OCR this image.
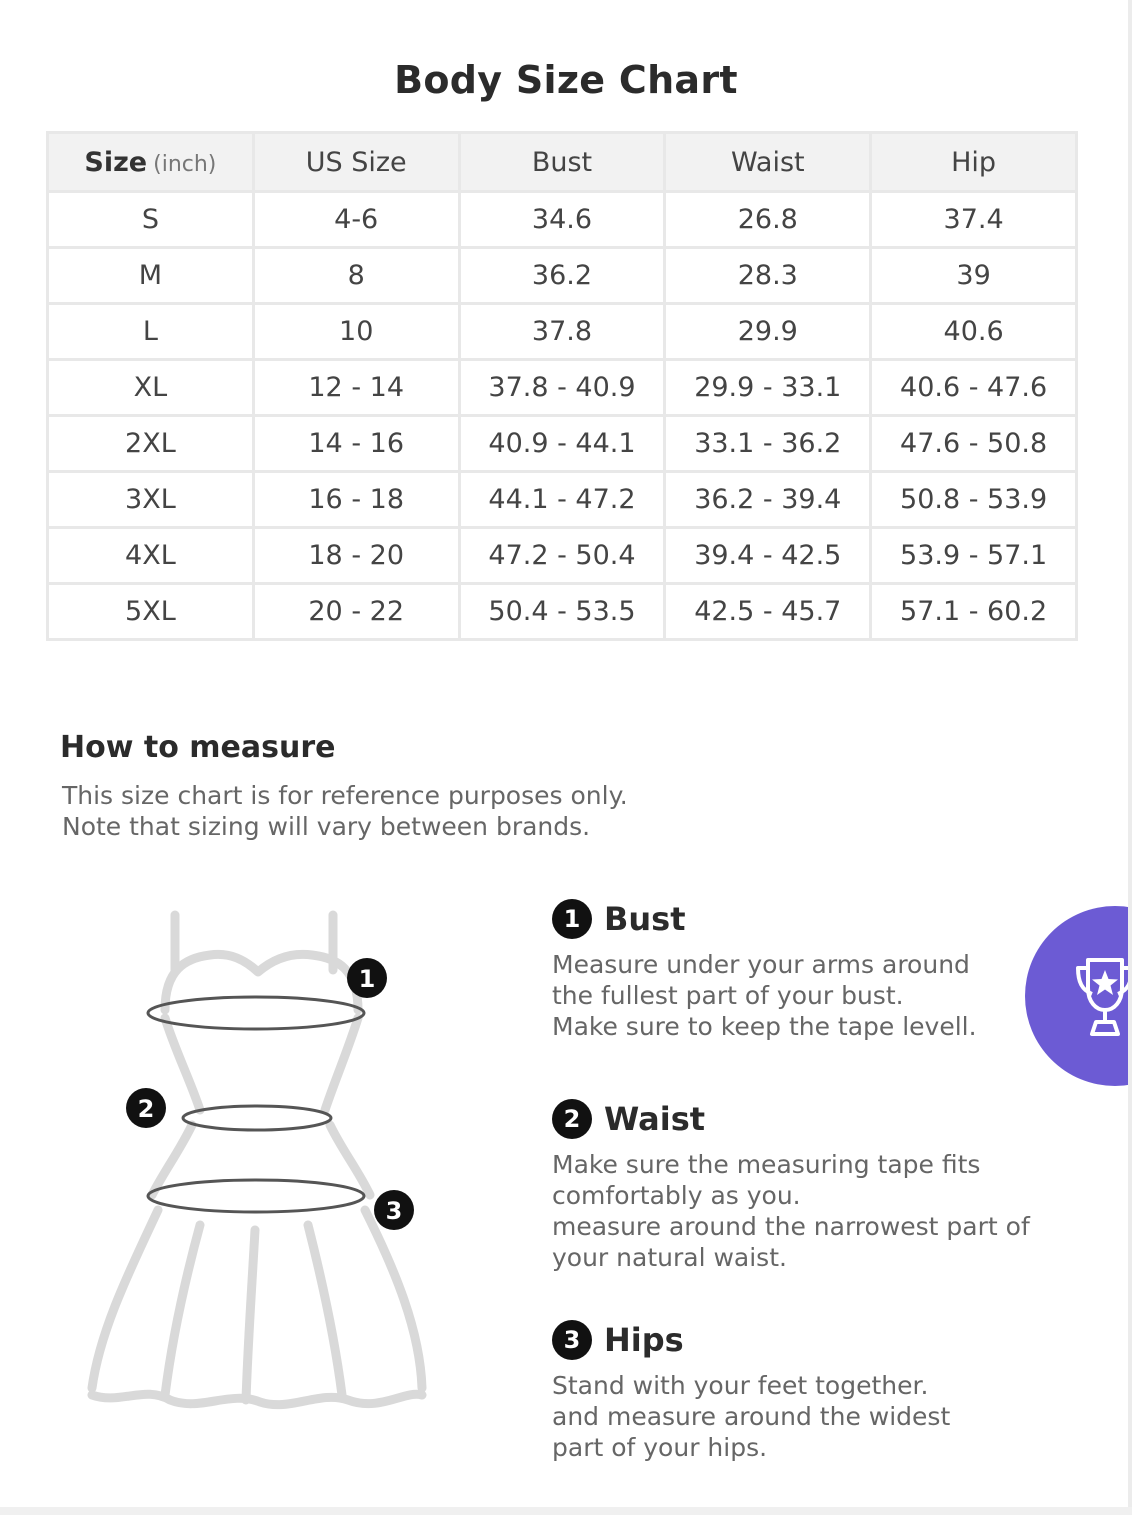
Body Size Chart
Size (inch)	US Size	Bust	Waist	Hip
S	4-6	34.6	26.8	37.4
M	8	36.2	28.3	39
L	10	37.8	29.9	40.6
XL	12 - 14	37.8 - 40.9	29.9 - 33.1	40.6 - 47.6
2XL	14 - 16	40.9 - 44.1	33.1 - 36.2	47.6 - 50.8
3XL	16 - 18	44.1 - 47.2	36.2 - 39.4	50.8 - 53.9
4XL	18 - 20	47.2 - 50.4	39.4 - 42.5	53.9 - 57.1
5XL	20 - 22	50.4 - 53.5	42.5 - 45.7	57.1 - 60.2
How to measure
This size chart is for reference purposes only.
Note that sizing will vary between brands.
1
2
3
1 Bust
Measure under your arms around
the fullest part of your bust.
Make sure to keep the tape levell.
2 Waist
Make sure the measuring tape fits
comfortably as you.
measure around the narrowest part of
your natural waist.
3 Hips
Stand with your feet together.
and measure around the widest
part of your hips.
